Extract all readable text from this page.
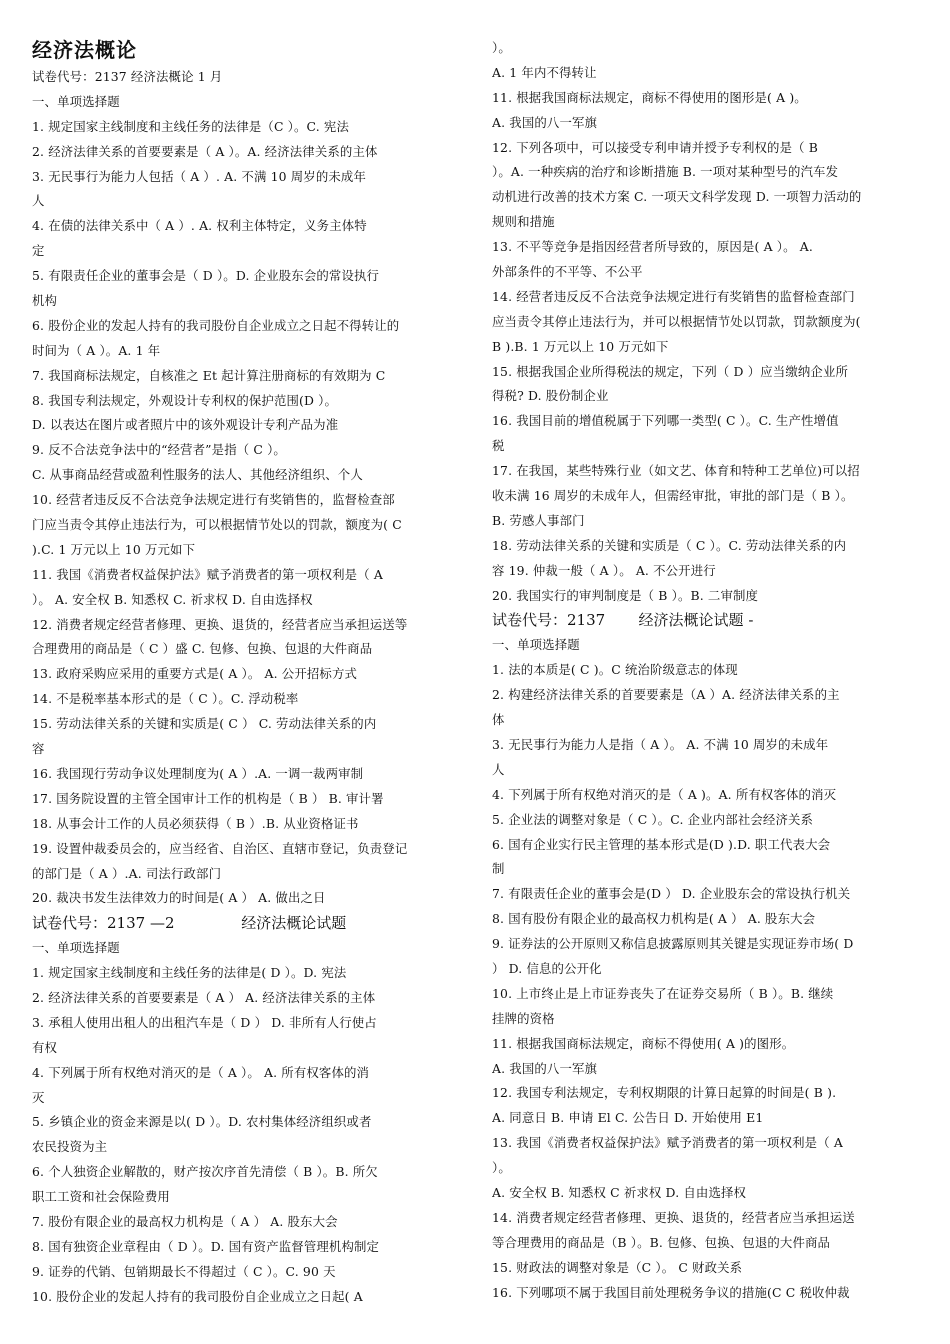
经济法概论
试卷代号：2137 经济法概论 1 月
一、单项选择题
1. 规定国家主线制度和主线任务的法律是（C ）。C. 宪法
2. 经济法律关系的首要要素是（ A ）。A. 经济法律关系的主体
3. 无民事行为能力人包括（ A ）. A. 不满 10 周岁的未成年
人
4. 在债的法律关系中（ A ）. A. 权利主体特定，义务主体特
定
5. 有限责任企业的董事会是（ D ）。D. 企业股东会的常设执行
机构
6. 股份企业的发起人持有的我司股份自企业成立之日起不得转让的
时间为（ A ）。A. 1 年
7. 我国商标法规定，自核准之 Et 起计算注册商标的有效期为 C
8. 我国专利法规定，外观设计专利权的保护范围(D ）。
D. 以表达在图片或者照片中的该外观设计专利产品为准
9. 反不合法竞争法中的“经营者”是指（ C ）。
C. 从事商品经营或盈利性服务的法人、其他经济组织、个人
10. 经营者违反反不合法竞争法规定进行有奖销售的，监督检查部
门应当责令其停止违法行为，可以根据情节处以的罚款，额度为( C
).C. 1 万元以上 10 万元如下
11. 我国《消费者权益保护法》赋予消费者的第一项权利是（ A
）。 A. 安全权 B. 知悉权 C. 祈求权 D. 自由选择权
12. 消费者规定经营者修理、更换、退货的，经营者应当承担运送等
合理费用的商品是（ C ）盛 C. 包修、包换、包退的大件商品
13. 政府采购应采用的重要方式是( A ）。 A. 公开招标方式
14. 不是税率基本形式的是（ C ）。C. 浮动税率
15. 劳动法律关系的关键和实质是( C ） C. 劳动法律关系的内
容
16. 我国现行劳动争议处理制度为( A ）.A. 一调一裁两审制
17. 国务院设置的主管全国审计工作的机构是（ B ） B. 审计署
18. 从事会计工作的人员必须获得（ B ）.B. 从业资格证书
19. 设置仲裁委员会的，应当经省、自治区、直辖市登记，负责登记
的部门是（ A ）.A. 司法行政部门
20. 裁决书发生法律效力的时间是( A ） A. 做出之日
试卷代号：2137 —2              经济法概论试题
一、单项选择题
1. 规定国家主线制度和主线任务的法律是( D ）。D. 宪法
2. 经济法律关系的首要要素是（ A ） A. 经济法律关系的主体
3. 承租人使用出租人的出租汽车是（ D ） D. 非所有人行使占
有权
4. 下列属于所有权绝对消灭的是（ A ）。 A. 所有权客体的消
灭
5. 乡镇企业的资金来源是以( D ）。D. 农村集体经济组织或者
农民投资为主
6. 个人独资企业解散的，财产按次序首先清偿（ B ）。B. 所欠
职工工资和社会保险费用
7. 股份有限企业的最高权力机构是（ A ） A. 股东大会
8. 国有独资企业章程由（ D ）。D. 国有资产监督管理机构制定
9. 证券的代销、包销期最长不得超过（ C ）。C. 90 天
10. 股份企业的发起人持有的我司股份自企业成立之日起( A
）。
A. 1 年内不得转让
11. 根据我国商标法规定，商标不得使用的图形是( A )。
A. 我国的八一军旗
12. 下列各项中，可以接受专利申请并授予专利权的是（ B
）。A. 一种疾病的治疗和诊断措施 B. 一项对某种型号的汽车发
动机进行改善的技术方案 C. 一项天文科学发现 D. 一项智力活动的
规则和措施
13. 不平等竞争是指因经营者所导致的，原因是( A ）。 A.
外部条件的不平等、不公平
14. 经营者违反反不合法竞争法规定进行有奖销售的监督检查部门
应当责令其停止违法行为，并可以根据情节处以罚款，罚款额度为(
B ).B. 1 万元以上 10 万元如下
15. 根据我国企业所得税法的规定，下列（ D ）应当缴纳企业所
得税? D. 股份制企业
16. 我国目前的增值税属于下列哪一类型( C ）。C. 生产性增值
税
17. 在我国，某些特殊行业（如文艺、体育和特种工艺单位)可以招
收未满 16 周岁的未成年人，但需经审批，审批的部门是（ B ）。
B. 劳感人事部门
18. 劳动法律关系的关键和实质是（ C ）。C. 劳动法律关系的内
容 19. 仲裁一般（ A ）。 A. 不公开进行
20. 我国实行的审判制度是（ B ）。B. 二审制度
试卷代号：2137       经济法概论试题 -
一、单项选择题
1. 法的本质是( C )。C 统治阶级意志的体现
2. 构建经济法律关系的首要要素是（A ）A. 经济法律关系的主
体
3. 无民事行为能力人是指（ A ）。 A. 不满 10 周岁的未成年
人
4. 下列属于所有权绝对消灭的是（ A )。A. 所有权客体的消灭
5. 企业法的调整对象是（ C ）。C. 企业内部社会经济关系
6. 国有企业实行民主管理的基本形式是(D ).D. 职工代表大会
制
7. 有限责任企业的董事会是(D ） D. 企业股东会的常设执行机关
8. 国有股份有限企业的最高权力机构是( A ） A. 股东大会
9. 证券法的公开原则又称信息披露原则其关键是实现证券市场( D
） D. 信息的公开化
10. 上市终止是上市证券丧失了在证券交易所（ B ）。B. 继续
挂牌的资格
11. 根据我国商标法规定，商标不得使用( A )的图形。
A. 我国的八一军旗
12. 我国专利法规定，专利权期限的计算日起算的时间是( B ).
A. 同意日 B. 申请 El C. 公告日 D. 开始使用 E1
13. 我国《消费者权益保护法》赋予消费者的第一项权利是（ A
）。
A. 安全权 B. 知悉权 C 祈求权 D. 自由选择权
14. 消费者规定经营者修理、更换、退货的，经营者应当承担运送
等合理费用的商品是（B ）。B. 包修、包换、包退的大件商品
15. 财政法的调整对象是（C ）。 C 财政关系
16. 下列哪项不属于我国目前处理税务争议的措施(C C 税收仲裁
